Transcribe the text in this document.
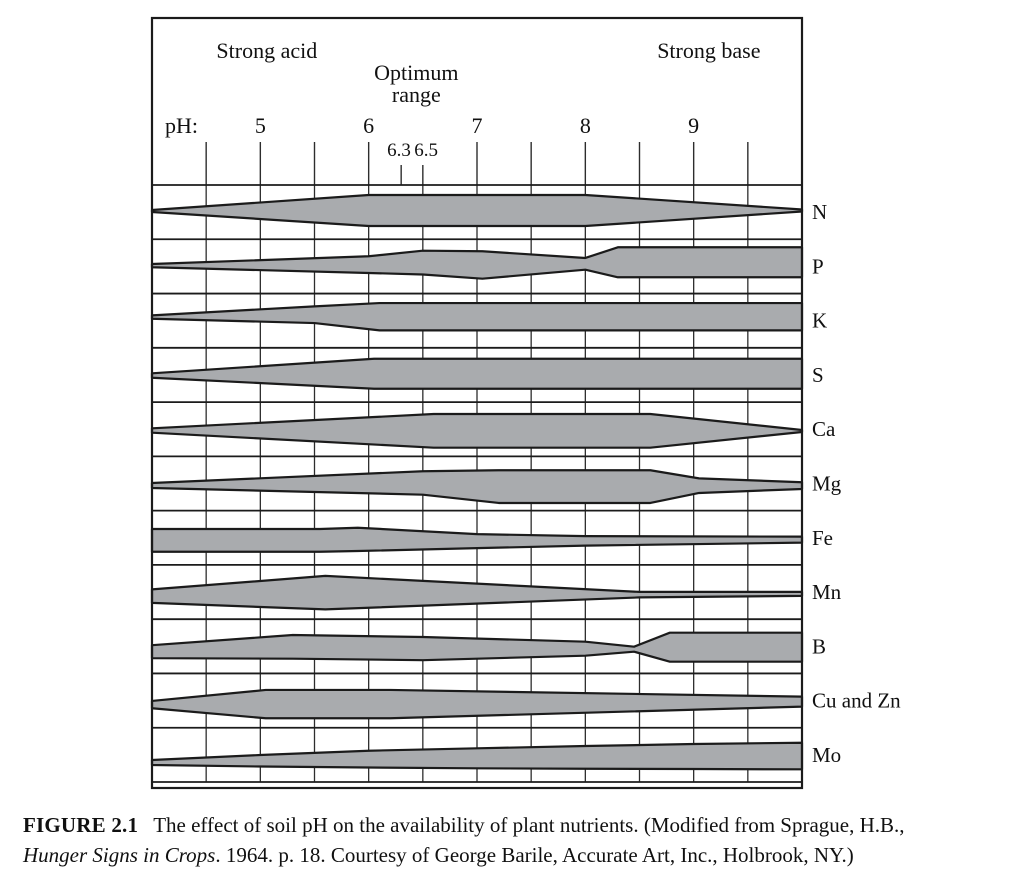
Strong acid
Optimum
range
Strong base
pH:	5	6	7	8	9
6.3 6.5
N
P
K
S
Ca
Mg
Fe
Mn
B
Cu and Zn
Mo
FIGURE 2.1 The effect of soil pH on the availability of plant nutrients. (Modified from Sprague, H.B.,
Hunger Signs in Crops. 1964. p. 18. Courtesy of George Barile, Accurate Art, Inc., Holbrook, NY.)
